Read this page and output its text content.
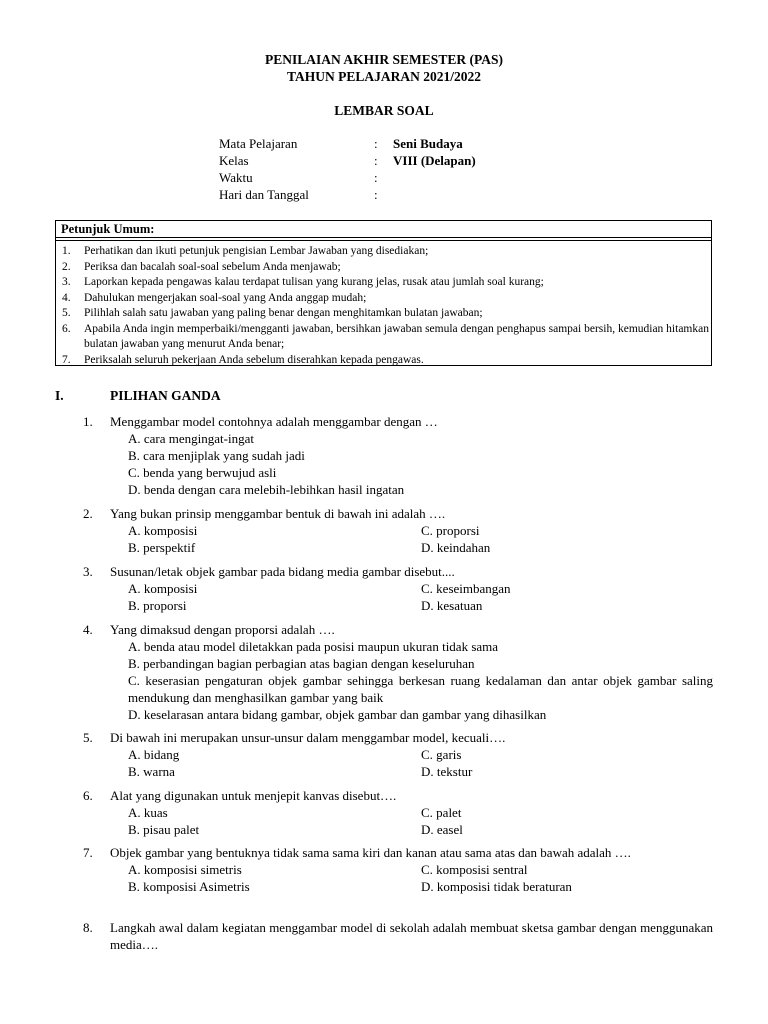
PENILAIAN AKHIR SEMESTER (PAS)
TAHUN PELAJARAN 2021/2022
LEMBAR SOAL
Mata Pelajaran	: Seni Budaya
Kelas	: VIII (Delapan)
Waktu	:
Hari dan Tanggal	:
Petunjuk Umum:
1. Perhatikan dan ikuti petunjuk pengisian Lembar Jawaban yang disediakan;
2. Periksa dan bacalah soal-soal sebelum Anda menjawab;
3. Laporkan kepada pengawas kalau terdapat tulisan yang kurang jelas, rusak atau jumlah soal kurang;
4. Dahulukan mengerjakan soal-soal yang Anda anggap mudah;
5. Pilihlah salah satu jawaban yang paling benar dengan menghitamkan bulatan jawaban;
6. Apabila Anda ingin memperbaiki/mengganti jawaban, bersihkan jawaban semula dengan penghapus sampai bersih, kemudian hitamkan bulatan jawaban yang menurut Anda benar;
7. Periksalah seluruh pekerjaan Anda sebelum diserahkan kepada pengawas.
I.	PILIHAN GANDA
1. Menggambar model contohnya adalah menggambar dengan …
A. cara mengingat-ingat
B. cara menjiplak yang sudah jadi
C. benda yang berwujud asli
D. benda dengan cara melebih-lebihkan hasil ingatan
2. Yang bukan prinsip menggambar bentuk di bawah ini adalah ….
A. komposisi	C. proporsi
B. perspektif	D. keindahan
3. Susunan/letak objek gambar pada bidang media gambar disebut....
A. komposisi	C. keseimbangan
B. proporsi	D. kesatuan
4. Yang dimaksud dengan proporsi adalah ….
A. benda atau model diletakkan pada posisi maupun ukuran tidak sama
B. perbandingan bagian perbagian atas bagian dengan keseluruhan
C. keserasian pengaturan objek gambar sehingga berkesan ruang kedalaman dan antar objek gambar saling mendukung dan menghasilkan gambar yang baik
D. keselarasan antara bidang gambar, objek gambar dan gambar yang dihasilkan
5. Di bawah ini merupakan unsur-unsur dalam menggambar model, kecuali….
A. bidang	C. garis
B. warna	D. tekstur
6. Alat yang digunakan untuk menjepit kanvas disebut….
A. kuas	C. palet
B. pisau palet	D. easel
7. Objek gambar yang bentuknya tidak sama sama kiri dan kanan atau sama atas dan bawah adalah ….
A. komposisi simetris	C. komposisi sentral
B. komposisi Asimetris	D. komposisi tidak beraturan
8. Langkah awal dalam kegiatan menggambar model di sekolah adalah membuat sketsa gambar dengan menggunakan media….
